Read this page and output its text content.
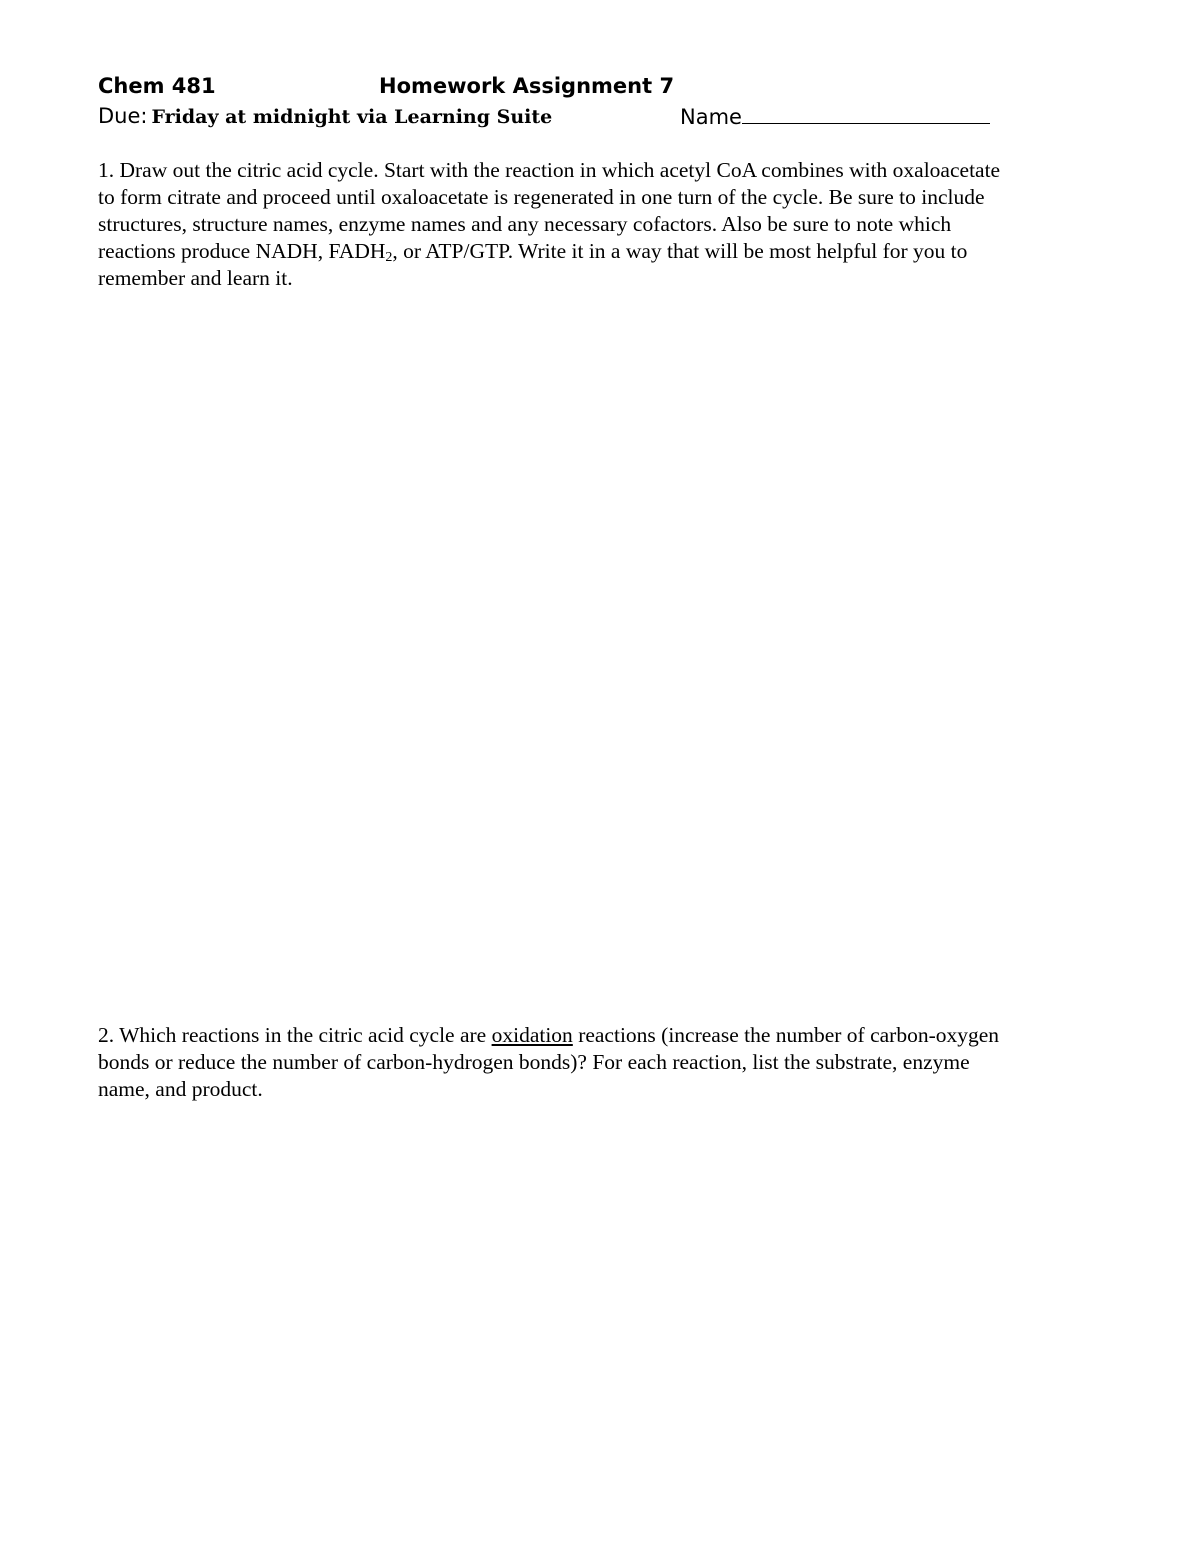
Chem 481	Homework Assignment 7
Due: Friday at midnight via Learning Suite	Name
1. Draw out the citric acid cycle. Start with the reaction in which acetyl CoA combines with oxaloacetate
to form citrate and proceed until oxaloacetate is regenerated in one turn of the cycle. Be sure to include
structures, structure names, enzyme names and any necessary cofactors. Also be sure to note which
reactions produce NADH, $FADH_2$, or ATP/GTP. Write it in a way that will be most helpful for you to
remember and learn it.
2. Which reactions in the citric acid cycle are oxidation reactions (increase the number of carbon-oxygen
bonds or reduce the number of carbon-hydrogen bonds)? For each reaction, list the substrate, enzyme
name, and product.
